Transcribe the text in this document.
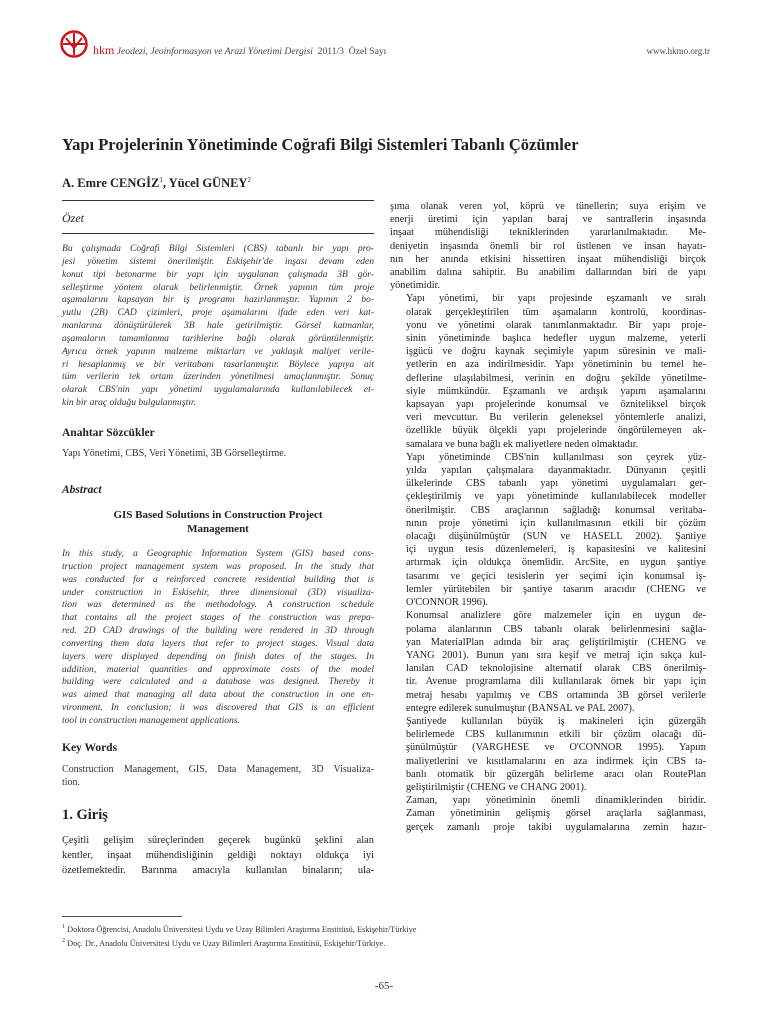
hkm Jeodezi, Jeoinformasyon ve Arazi Yönetimi Dergisi 2011/3 Özel Sayı	www.hkmo.org.tr
Yapı Projelerinin Yönetiminde Coğrafi Bilgi Sistemleri Tabanlı Çözümler
A. Emre CENGİZ$^1$, Yücel GÜNEY$^2$
Özet
Bu çalışmada Coğrafi Bilgi Sistemleri (CBS) tabanlı bir yapı pro-
jesi yönetim sistemi önerilmiştir. Eskişehir'de inşası devam eden
konut tipi betonarme bir yapı için uygulanan çalışmada 3B gör-
selleştirme yöntem olarak belirlenmiştir. Örnek yapının tüm proje
aşamalarını kapsayan bir iş programı hazırlanmıştır. Yapının 2 bo-
yutlu (2B) CAD çizimleri, proje aşamalarını ifade eden veri kat-
manlarına dönüştürülerek 3B hale getirilmiştir. Görsel katmanlar,
aşamaların tamamlanma tarihlerine bağlı olarak görüntülenmiştir.
Ayrıca örnek yapının malzeme miktarları ve yaklaşık maliyet verile-
ri hesaplanmış ve bir veritabanı tasarlanmıştır. Böylece yapıya ait
tüm verilerin tek ortam üzerinden yönetilmesi amaçlanmıştır. Sonuç
olarak CBS'nin yapı yönetimi uygulamalarında kullanılabilecek et-
kin bir araç olduğu bulgulanmıştır.
Anahtar Sözcükler
Yapı Yönetimi, CBS, Veri Yönetimi, 3B Görselleştirme.
Abstract
GIS Based Solutions in Construction Project
Management
In this study, a Geographic Information System (GIS) based cons-
truction project management system was proposed. In the study that
was conducted for a reinforced concrete residential building that is
under construction in Eskisehir, three dimensional (3D) visualiza-
tion was determined as the methodology. A construction schedule
that contains all the project stages of the construction was prepa-
red. 2D CAD drawings of the building were rendered in 3D through
converting them data layers that refer to project stages. Visual data
layers were displayed depending on finish dates of the stages. In
addition, material quantities and approximate costs of the model
building were calculated and a database was designed. Thereby it
was aimed that managing all data about the construction in one en-
vironment. In conclusion; it was discovered that GIS is an efficient
tool in construction management applications.
Key Words
Construction Management, GIS, Data Management, 3D Visualiza-
tion.
1. Giriş
Çeşitli gelişim süreçlerinden geçerek bugünkü şeklini alan
kentler, inşaat mühendisliğinin geldiği noktayı oldukça iyi
özetlemektedir. Barınma amacıyla kullanılan binaların; ula-

şıma olanak veren yol, köprü ve tünellerin; suya erişim ve
enerji üretimi için yapılan baraj ve santrallerin inşasında
inşaat mühendisliği tekniklerinden yararlanılmaktadır. Me-
deniyetin inşasında önemli bir rol üstlenen ve insan hayatı-
nın her anında etkisini hissettiren inşaat mühendisliği birçok
anabilim dalına sahiptir. Bu anabilim dallarından biri de yapı
yönetimidir.

Yapı yönetimi, bir yapı projesinde eşzamanlı ve sıralı
olarak gerçekleştirilen tüm aşamaların kontrolü, koordinas-
yonu ve yönetimi olarak tanımlanmaktadır. Bir yapı proje-
sinin yönetiminde başlıca hedefler uygun malzeme, yeterli
işgücü ve doğru kaynak seçimiyle yapım süresinin ve mali-
yetlerin en aza indirilmesidir. Yapı yönetiminin bu temel he-
deflerine ulaşılabilmesi, verinin en doğru şekilde yönetilme-
siyle mümkündür. Eşzamanlı ve ardışık yapım aşamalarını
kapsayan yapı projelerinde konumsal ve özniteliksel birçok
veri mevcuttur. Bu verilerin geleneksel yöntemlerle analizi,
özellikle büyük ölçekli yapı projelerinde öngörülemeyen ak-
samalara ve buna bağlı ek maliyetlere neden olmaktadır.

Yapı yönetiminde CBS'nin kullanılması son çeyrek yüz-
yılda yapılan çalışmalara dayanmaktadır. Dünyanın çeşitli
ülkelerinde CBS tabanlı yapı yönetimi uygulamaları ger-
çekleştirilmiş ve yapı yönetiminde kullanılabilecek modeller
önerilmiştir. CBS araçlarının sağladığı konumsal veritaba-
nının proje yönetimi için kullanılmasının etkili bir çözüm
olacağı düşünülmüştür (SUN ve HASELL 2002). Şantiye
içi uygun tesis düzenlemeleri, iş kapasitesini ve kalitesini
artırmak için oldukça önemlidir. ArcSite, en uygun şantiye
tasarımı ve geçici tesislerin yer seçimi için konumsal iş-
lemler yürütebilen bir şantiye tasarım aracıdır (CHENG ve
O'CONNOR 1996).

Konumsal analizlere göre malzemeler için en uygun de-
polama alanlarının CBS tabanlı olarak belirlenmesini sağla-
yan MaterialPlan adında bir araç geliştirilmiştir (CHENG ve
YANG 2001). Bunun yanı sıra keşif ve metraj için sıkça kul-
lanılan CAD teknolojisine alternatif olarak CBS önerilmiş-
tir. Avenue programlama dili kullanılarak örnek bir yapı için
metraj hesabı yapılmış ve CBS ortamında 3B görsel verilerle
entegre edilerek sunulmuştur (BANSAL ve PAL 2007).

Şantiyede kullanılan büyük iş makineleri için güzergâh
belirlemede CBS kullanımının etkili bir çözüm olacağı dü-
şünülmüştür (VARGHESE ve O'CONNOR 1995). Yapım
maliyetlerini ve kısıtlamalarını en aza indirmek için CBS ta-
banlı otomatik bir güzergâh belirleme aracı olan RoutePlan
geliştirilmiştir (CHENG ve CHANG 2001).

Zaman, yapı yönetiminin önemli dinamiklerinden biridir.
Zaman yönetiminin gelişmiş görsel araçlarla sağlanması,
gerçek zamanlı proje takibi uygulamalarına zemin hazır-

$^1$ Doktora Öğrencisi, Anadolu Üniversitesi Uydu ve Uzay Bilimleri Araştırma Enstitüsü, Eskişehir/Türkiye
$^2$ Doç. Dr., Anadolu Üniversitesi Uydu ve Uzay Bilimleri Araştırma Enstitüsü, Eskişehir/Türkiye.
-65-
